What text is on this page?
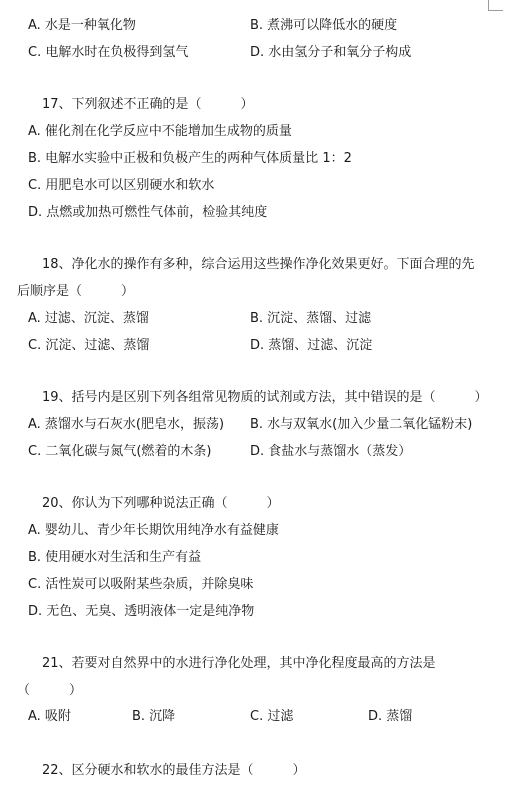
A. 水是一种氧化物	B. 煮沸可以降低水的硬度
C. 电解水时在负极得到氢气	D. 水由氢分子和氧分子构成
17、下列叙述不正确的是（　　　）
A. 催化剂在化学反应中不能增加生成物的质量
B. 电解水实验中正极和负极产生的两种气体质量比 1：2
C. 用肥皂水可以区别硬水和软水
D. 点燃或加热可燃性气体前，检验其纯度
18、净化水的操作有多种，综合运用这些操作净化效果更好。下面合理的先
后顺序是（　　　）
A. 过滤、沉淀、蒸馏	B. 沉淀、蒸馏、过滤
C. 沉淀、过滤、蒸馏	D. 蒸馏、过滤、沉淀
19、括号内是区别下列各组常见物质的试剂或方法，其中错误的是（　　　）
A. 蒸馏水与石灰水(肥皂水，振荡) B. 水与双氧水(加入少量二氧化锰粉末)
C. 二氧化碳与氮气(燃着的木条)	D. 食盐水与蒸馏水（蒸发）
20、你认为下列哪种说法正确（　　　）
A. 婴幼儿、青少年长期饮用纯净水有益健康
B. 使用硬水对生活和生产有益
C. 活性炭可以吸附某些杂质，并除臭味
D. 无色、无臭、透明液体一定是纯净物
21、若要对自然界中的水进行净化处理，其中净化程度最高的方法是
（　　　）
A. 吸附	B. 沉降	C. 过滤	D. 蒸馏
22、区分硬水和软水的最佳方法是（　　　）
